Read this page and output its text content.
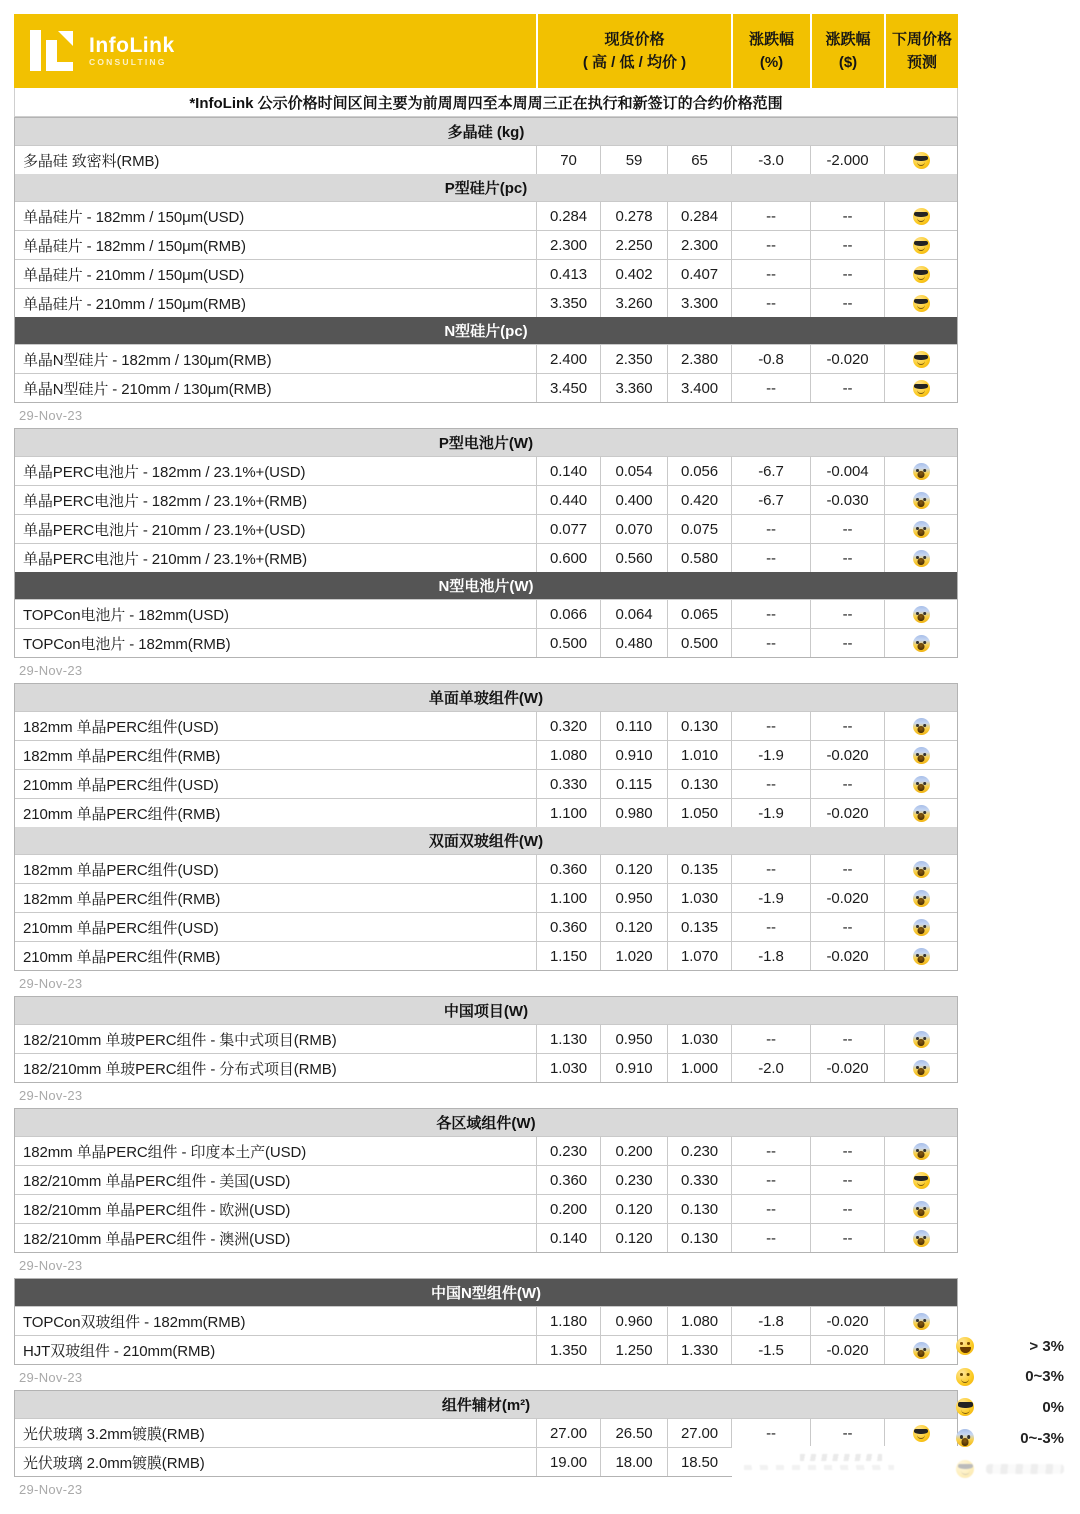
InfoLink
CONSULTING
现货价格
( 高 / 低 / 均价 )
涨跌幅
(%)
涨跌幅
($)
下周价格
预测
*InfoLink 公示价格时间区间主要为前周周四至本周周三正在执行和新签订的合约价格范围
多晶硅 (kg)
多晶硅 致密料(RMB)	70	59	65	-3.0	-2.000
P型硅片(pc)
单晶硅片 - 182mm / 150μm(USD)	0.284	0.278	0.284	--	--
单晶硅片 - 182mm / 150μm(RMB)	2.300	2.250	2.300	--	--
单晶硅片 - 210mm / 150μm(USD)	0.413	0.402	0.407	--	--
单晶硅片 - 210mm / 150μm(RMB)	3.350	3.260	3.300	--	--
N型硅片(pc)
单晶N型硅片 - 182mm / 130μm(RMB)	2.400	2.350	2.380	-0.8	-0.020
单晶N型硅片 - 210mm / 130μm(RMB)	3.450	3.360	3.400	--	--
29-Nov-23
P型电池片(W)
单晶PERC电池片 - 182mm / 23.1%+(USD)	0.140	0.054	0.056	-6.7	-0.004
单晶PERC电池片 - 182mm / 23.1%+(RMB)	0.440	0.400	0.420	-6.7	-0.030
单晶PERC电池片 - 210mm / 23.1%+(USD)	0.077	0.070	0.075	--	--
单晶PERC电池片 - 210mm / 23.1%+(RMB)	0.600	0.560	0.580	--	--
N型电池片(W)
TOPCon电池片 - 182mm(USD)	0.066	0.064	0.065	--	--
TOPCon电池片 - 182mm(RMB)	0.500	0.480	0.500	--	--
29-Nov-23
单面单玻组件(W)
182mm 单晶PERC组件(USD)	0.320	0.110	0.130	--	--
182mm 单晶PERC组件(RMB)	1.080	0.910	1.010	-1.9	-0.020
210mm 单晶PERC组件(USD)	0.330	0.115	0.130	--	--
210mm 单晶PERC组件(RMB)	1.100	0.980	1.050	-1.9	-0.020
双面双玻组件(W)
182mm 单晶PERC组件(USD)	0.360	0.120	0.135	--	--
182mm 单晶PERC组件(RMB)	1.100	0.950	1.030	-1.9	-0.020
210mm 单晶PERC组件(USD)	0.360	0.120	0.135	--	--
210mm 单晶PERC组件(RMB)	1.150	1.020	1.070	-1.8	-0.020
29-Nov-23
中国项目(W)
182/210mm 单玻PERC组件 - 集中式项目(RMB)	1.130	0.950	1.030	--	--
182/210mm 单玻PERC组件 - 分布式项目(RMB)	1.030	0.910	1.000	-2.0	-0.020
29-Nov-23
各区域组件(W)
182mm 单晶PERC组件 - 印度本土产(USD)	0.230	0.200	0.230	--	--
182/210mm 单晶PERC组件 - 美国(USD)	0.360	0.230	0.330	--	--
182/210mm 单晶PERC组件 - 欧洲(USD)	0.200	0.120	0.130	--	--
182/210mm 单晶PERC组件 - 澳洲(USD)	0.140	0.120	0.130	--	--
29-Nov-23
中国N型组件(W)
TOPCon双玻组件 - 182mm(RMB)	1.180	0.960	1.080	-1.8	-0.020
HJT双玻组件 - 210mm(RMB)	1.350	1.250	1.330	-1.5	-0.020
29-Nov-23
组件辅材(m²)
光伏玻璃 3.2mm镀膜(RMB)	27.00	26.50	27.00	--	--
光伏玻璃 2.0mm镀膜(RMB)	19.00	18.00	18.50
29-Nov-23
> 3%
0~3%
0%
0~-3%
